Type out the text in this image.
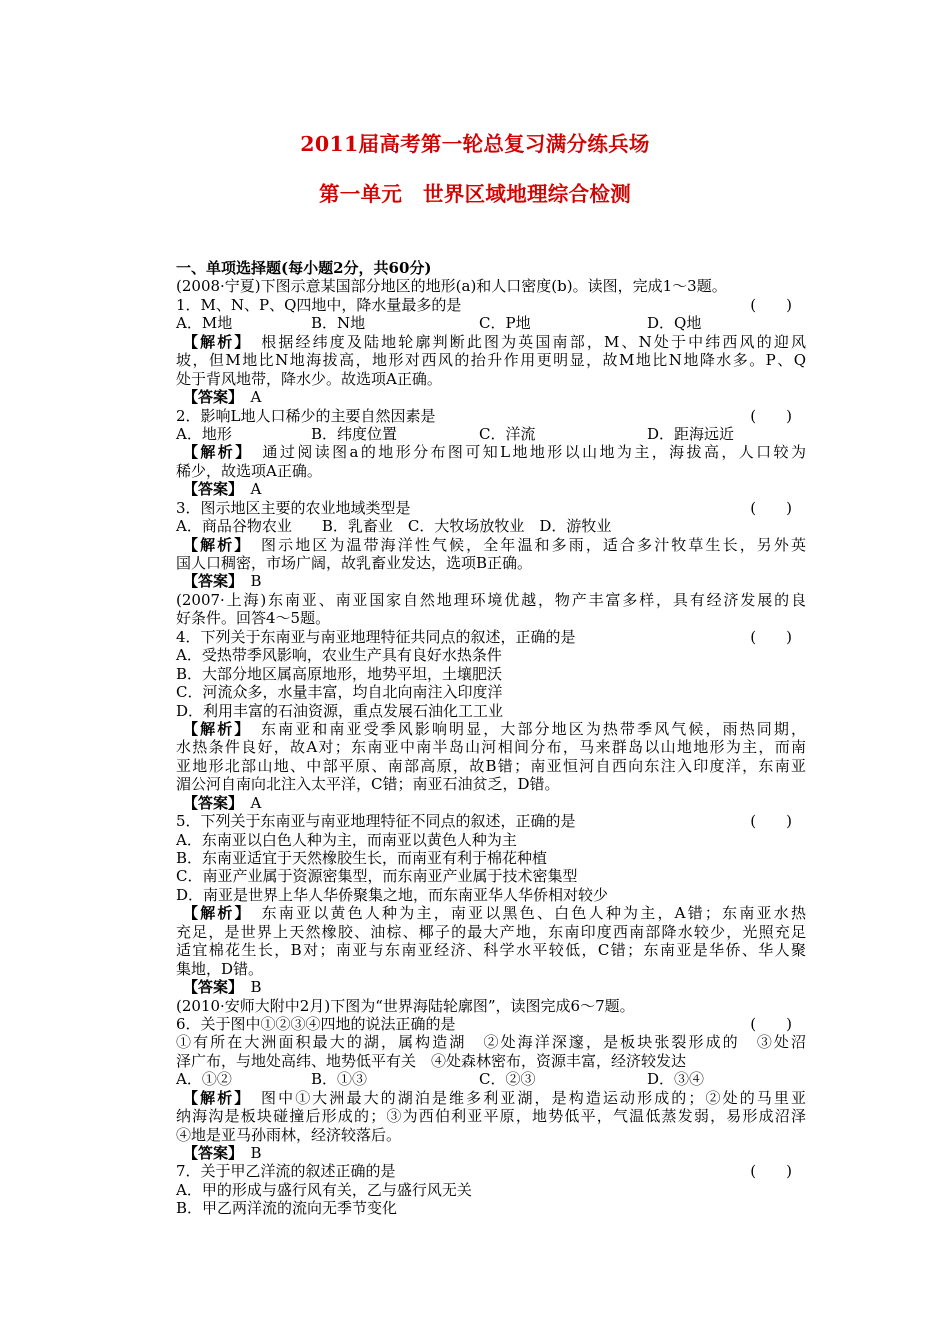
2011届高考第一轮总复习满分练兵场
第一单元　世界区域地理综合检测
一、单项选择题(每小题2分，共60分)
(2008·宁夏)下图示意某国部分地区的地形(a)和人口密度(b)。读图，完成1～3题。
1．M、N、P、Q四地中，降水量最多的是	(　　)
A．M地	B．N地	C．P地	D．Q地
【解析】　 根据经纬度及陆地轮廓判断此图为英国南部，M、N处于中纬西风的迎风
坡，但M地比N地海拔高，地形对西风的抬升作用更明显，故M地比N地降水多。P、Q
处于背风地带，降水少。故选项A正确。
【答案】　 A
2．影响L地人口稀少的主要自然因素是	(　　)
A．地形	B．纬度位置	C．洋流	D．距海远近
【解析】　 通过阅读图a的地形分布图可知L地地形以山地为主，海拔高，人口较为
稀少，故选项A正确。
【答案】　 A
3．图示地区主要的农业地域类型是	(　　)
A．商品谷物农业　　B．乳畜业　C．大牧场放牧业　D．游牧业
【解析】　 图示地区为温带海洋性气候，全年温和多雨，适合多汁牧草生长，另外英
国人口稠密，市场广阔，故乳畜业发达，选项B正确。
【答案】　 B
(2007·上海)东南亚、南亚国家自然地理环境优越，物产丰富多样，具有经济发展的良
好条件。回答4～5题。
4．下列关于东南亚与南亚地理特征共同点的叙述，正确的是	(　　)
A．受热带季风影响，农业生产具有良好水热条件
B．大部分地区属高原地形，地势平坦，土壤肥沃
C．河流众多，水量丰富，均自北向南注入印度洋
D．利用丰富的石油资源，重点发展石油化工工业
【解析】　 东南亚和南亚受季风影响明显，大部分地区为热带季风气候，雨热同期，
水热条件良好，故A对；东南亚中南半岛山河相间分布，马来群岛以山地地形为主，而南
亚地形北部山地、中部平原、南部高原，故B错；南亚恒河自西向东注入印度洋，东南亚
湄公河自南向北注入太平洋，C错；南亚石油贫乏，D错。
【答案】　 A
5．下列关于东南亚与南亚地理特征不同点的叙述，正确的是	(　　)
A．东南亚以白色人种为主，而南亚以黄色人种为主
B．东南亚适宜于天然橡胶生长，而南亚有利于棉花种植
C．南亚产业属于资源密集型，而东南亚产业属于技术密集型
D．南亚是世界上华人华侨聚集之地，而东南亚华人华侨相对较少
【解析】　 东南亚以黄色人种为主，南亚以黑色、白色人种为主，A错；东南亚水热
充足，是世界上天然橡胶、油棕、椰子的最大产地，东南印度西南部降水较少，光照充足
适宜棉花生长，B对；南亚与东南亚经济、科学水平较低，C错；东南亚是华侨、华人聚
集地，D错。
【答案】　 B
(2010·安师大附中2月)下图为“世界海陆轮廓图”，读图完成6～7题。
6．关于图中①②③④四地的说法正确的是	(　　)
①有所在大洲面积最大的湖，属构造湖　②处海洋深邃，是板块张裂形成的　③处沼
泽广布，与地处高纬、地势低平有关　④处森林密布，资源丰富，经济较发达
A．①②	B．①③	C．②③	D．③④
【解析】　 图中①大洲最大的湖泊是维多利亚湖，是构造运动形成的；②处的马里亚
纳海沟是板块碰撞后形成的；③为西伯利亚平原，地势低平，气温低蒸发弱，易形成沼泽
④地是亚马孙雨林，经济较落后。
【答案】　 B
7．关于甲乙洋流的叙述正确的是	(　　)
A．甲的形成与盛行风有关，乙与盛行风无关
B．甲乙两洋流的流向无季节变化
